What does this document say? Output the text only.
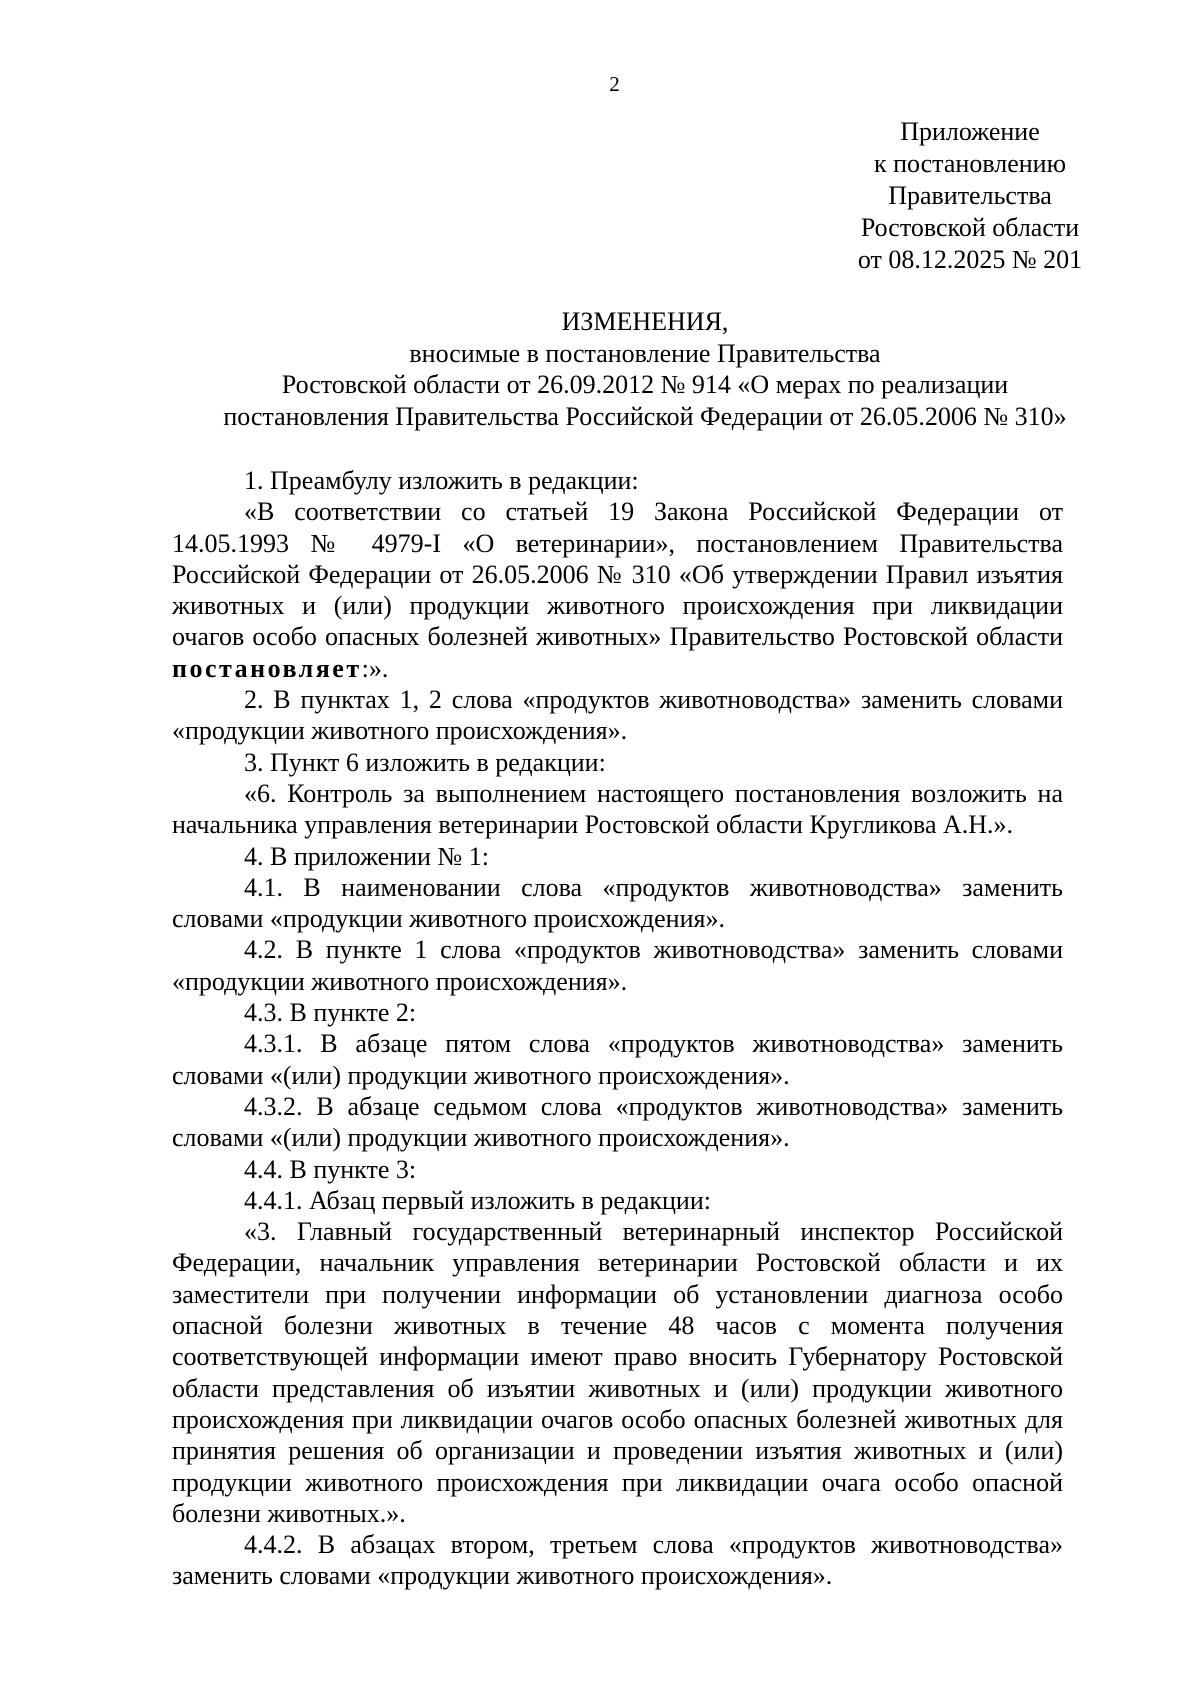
2
Приложение
к постановлению
Правительства
Ростовской области
от 08.12.2025 № 201
ИЗМЕНЕНИЯ,
вносимые в постановление Правительства
Ростовской области от 26.09.2012 № 914 «О мерах по реализации
постановления Правительства Российской Федерации от 26.05.2006 № 310»

1. Преамбулу изложить в редакции:

«В соответствии со статьей 19 Закона Российской Федерации от 14.05.1993 № 4979-I «О ветеринарии», постановлением Правительства Российской Федерации от 26.05.2006 № 310 «Об утверждении Правил изъятия животных и (или) продукции животного происхождения при ликвидации очагов особо опасных болезней животных» Правительство Ростовской области постановляет:».

2. В пунктах 1, 2 слова «продуктов животноводства» заменить словами «продукции животного происхождения».

3. Пункт 6 изложить в редакции:

«6. Контроль за выполнением настоящего постановления возложить на начальника управления ветеринарии Ростовской области Кругликова А.Н.».

4. В приложении № 1:

4.1. В наименовании слова «продуктов животноводства» заменить словами «продукции животного происхождения».

4.2. В пункте 1 слова «продуктов животноводства» заменить словами «продукции животного происхождения».

4.3. В пункте 2:

4.3.1. В абзаце пятом слова «продуктов животноводства» заменить словами «(или) продукции животного происхождения».

4.3.2. В абзаце седьмом слова «продуктов животноводства» заменить словами «(или) продукции животного происхождения».

4.4. В пункте 3:

4.4.1. Абзац первый изложить в редакции:

«3. Главный государственный ветеринарный инспектор Российской Федерации, начальник управления ветеринарии Ростовской области и их заместители при получении информации об установлении диагноза особо опасной болезни животных в течение 48 часов с момента получения соответствующей информации имеют право вносить Губернатору Ростовской области представления об изъятии животных и (или) продукции животного происхождения при ликвидации очагов особо опасных болезней животных для принятия решения об организации и проведении изъятия животных и (или) продукции животного происхождения при ликвидации очага особо опасной болезни животных.».

4.4.2. В абзацах втором, третьем слова «продуктов животноводства» заменить словами «продукции животного происхождения».
